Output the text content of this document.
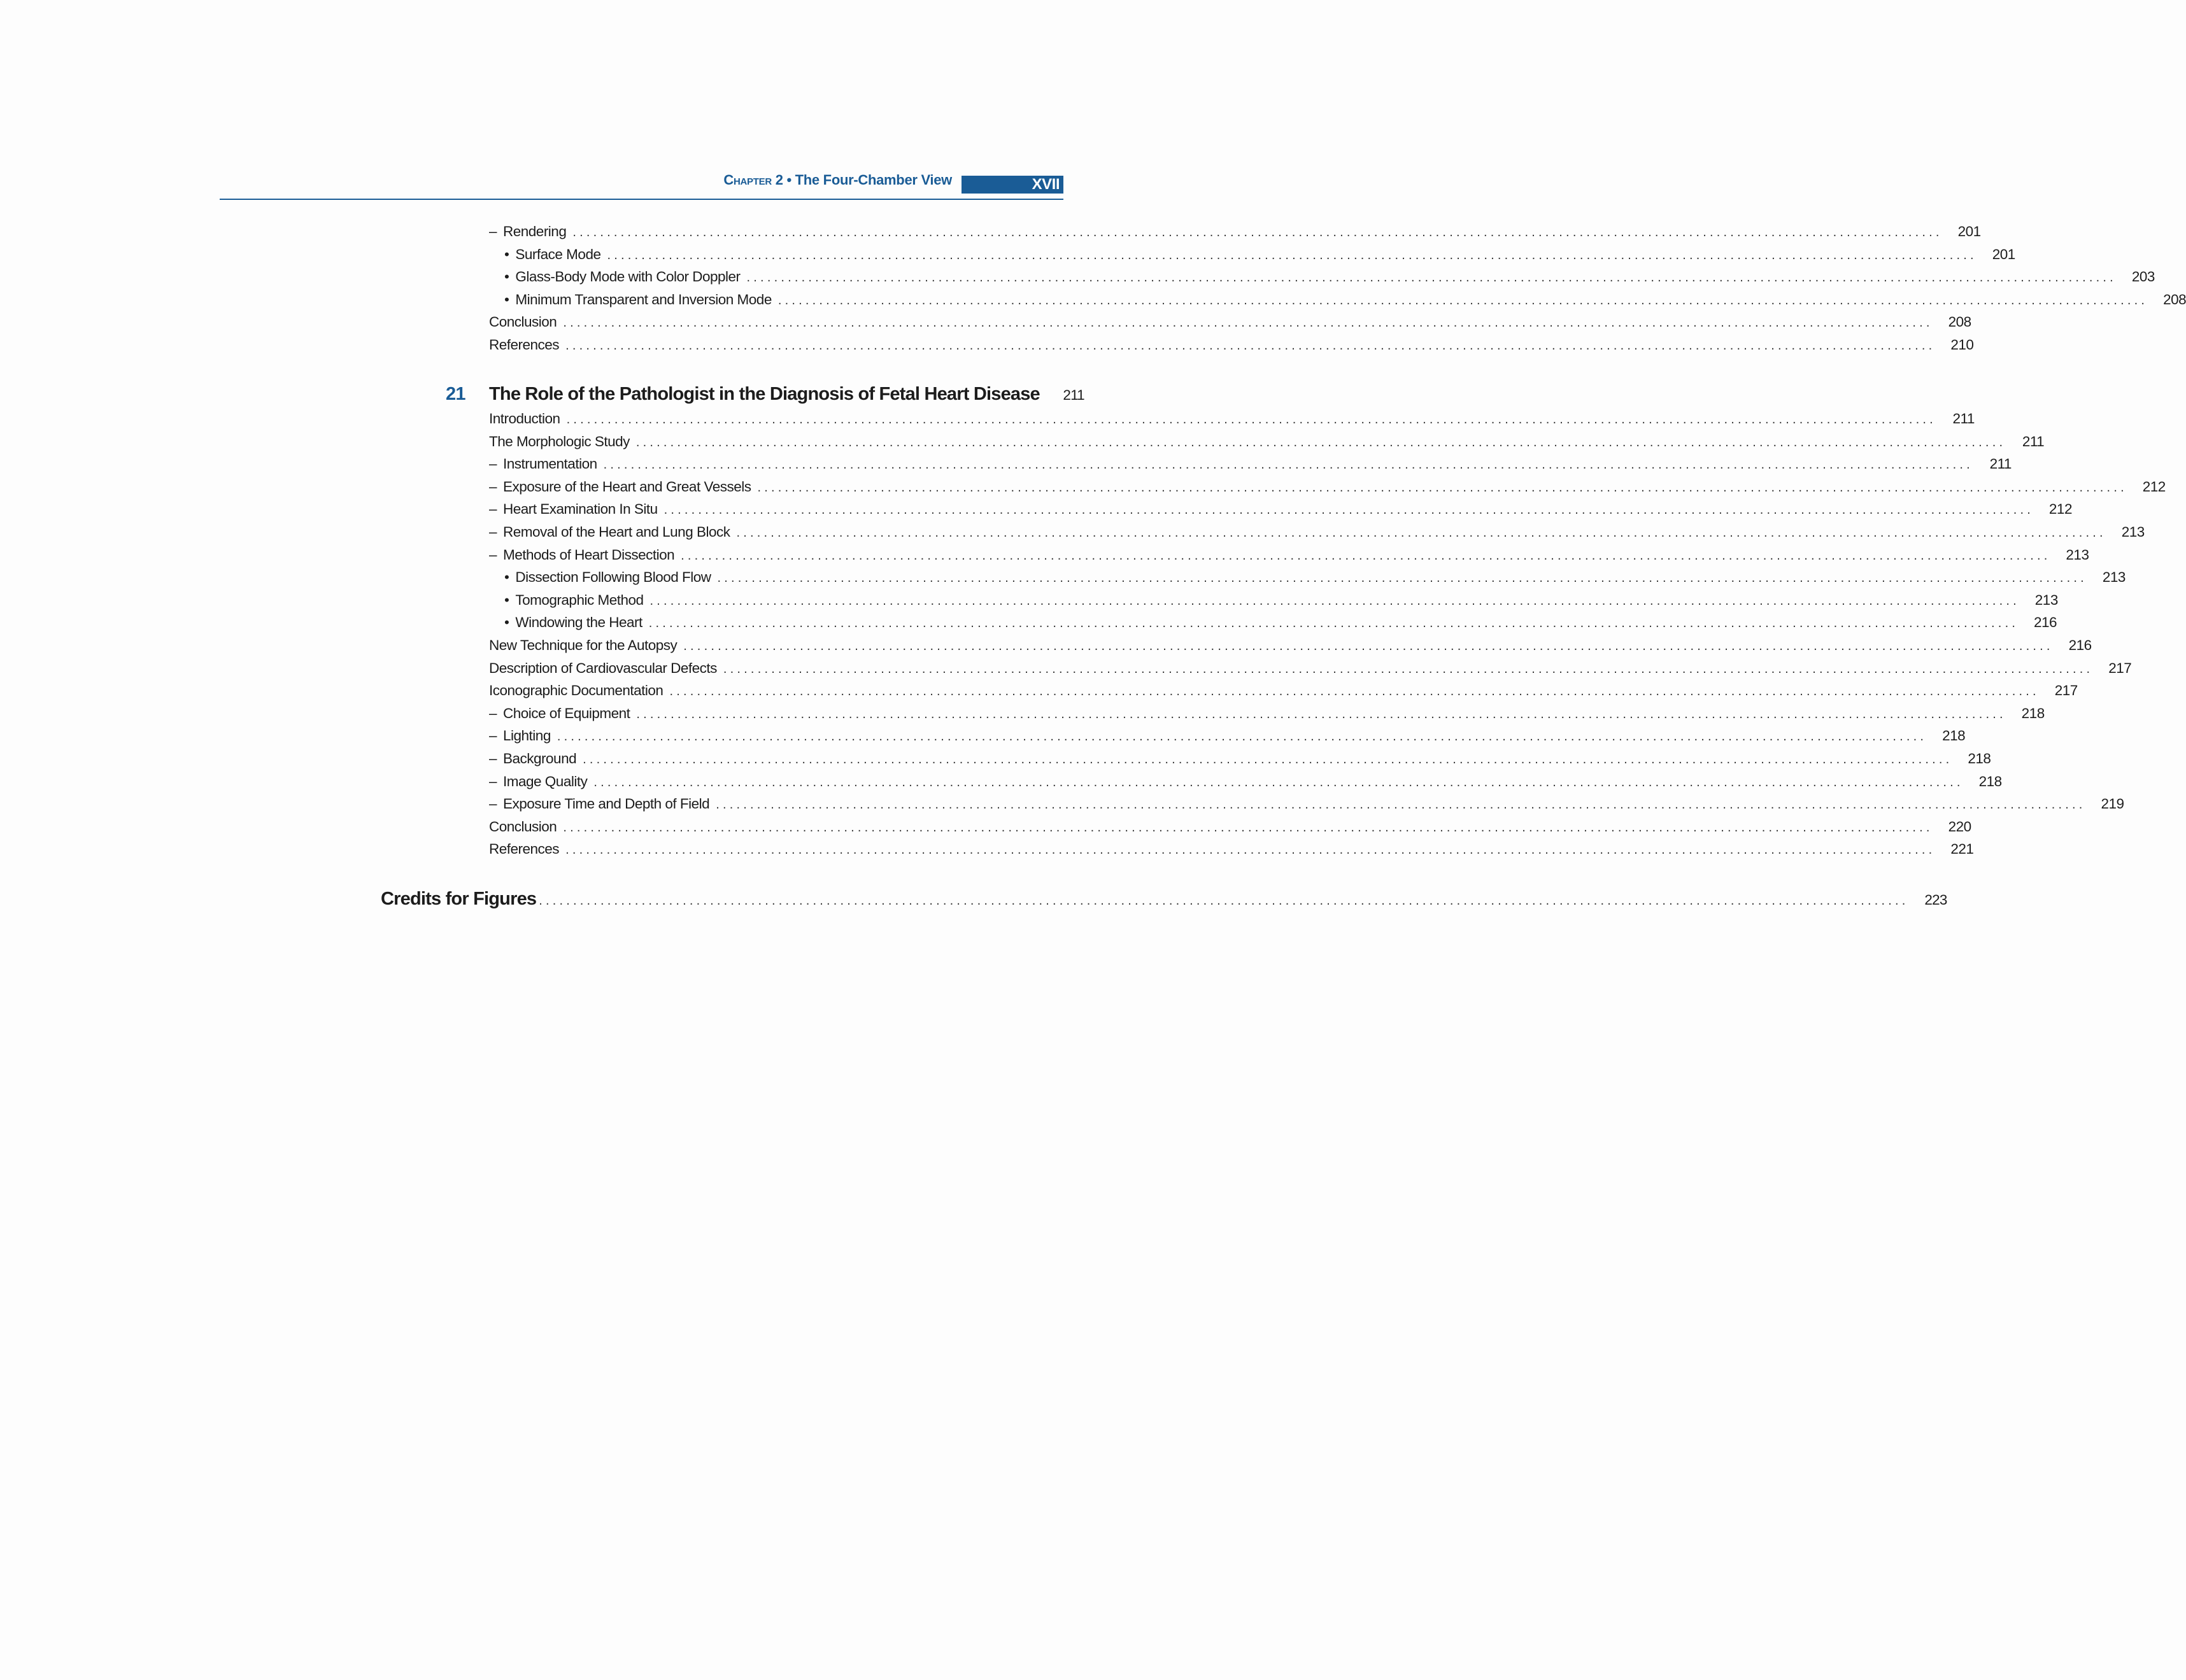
Chapter 2 • The Four-Chamber View	XVII
– Rendering ........................................................................................................................................................................................................	201
• Surface Mode ........................................................................................................................................................................................................	201
• Glass-Body Mode with Color Doppler ........................................................................................................................................................................................................	203
• Minimum Transparent and Inversion Mode ........................................................................................................................................................................................................	208
Conclusion ........................................................................................................................................................................................................	208
References ........................................................................................................................................................................................................	210
21	The Role of the Pathologist in the Diagnosis of Fetal Heart Disease	211
Introduction ........................................................................................................................................................................................................	211
The Morphologic Study ........................................................................................................................................................................................................	211
– Instrumentation ........................................................................................................................................................................................................	211
– Exposure of the Heart and Great Vessels ........................................................................................................................................................................................................	212
– Heart Examination In Situ ........................................................................................................................................................................................................	212
– Removal of the Heart and Lung Block ........................................................................................................................................................................................................	213
– Methods of Heart Dissection ........................................................................................................................................................................................................	213
• Dissection Following Blood Flow ........................................................................................................................................................................................................	213
• Tomographic Method ........................................................................................................................................................................................................	213
• Windowing the Heart ........................................................................................................................................................................................................	216
New Technique for the Autopsy ........................................................................................................................................................................................................	216
Description of Cardiovascular Defects ........................................................................................................................................................................................................	217
Iconographic Documentation ........................................................................................................................................................................................................	217
– Choice of Equipment ........................................................................................................................................................................................................	218
– Lighting ........................................................................................................................................................................................................	218
– Background ........................................................................................................................................................................................................	218
– Image Quality ........................................................................................................................................................................................................	218
– Exposure Time and Depth of Field ........................................................................................................................................................................................................	219
Conclusion ........................................................................................................................................................................................................	220
References ........................................................................................................................................................................................................	221
Credits for Figures ........................................................................................................................................................................................................	223
